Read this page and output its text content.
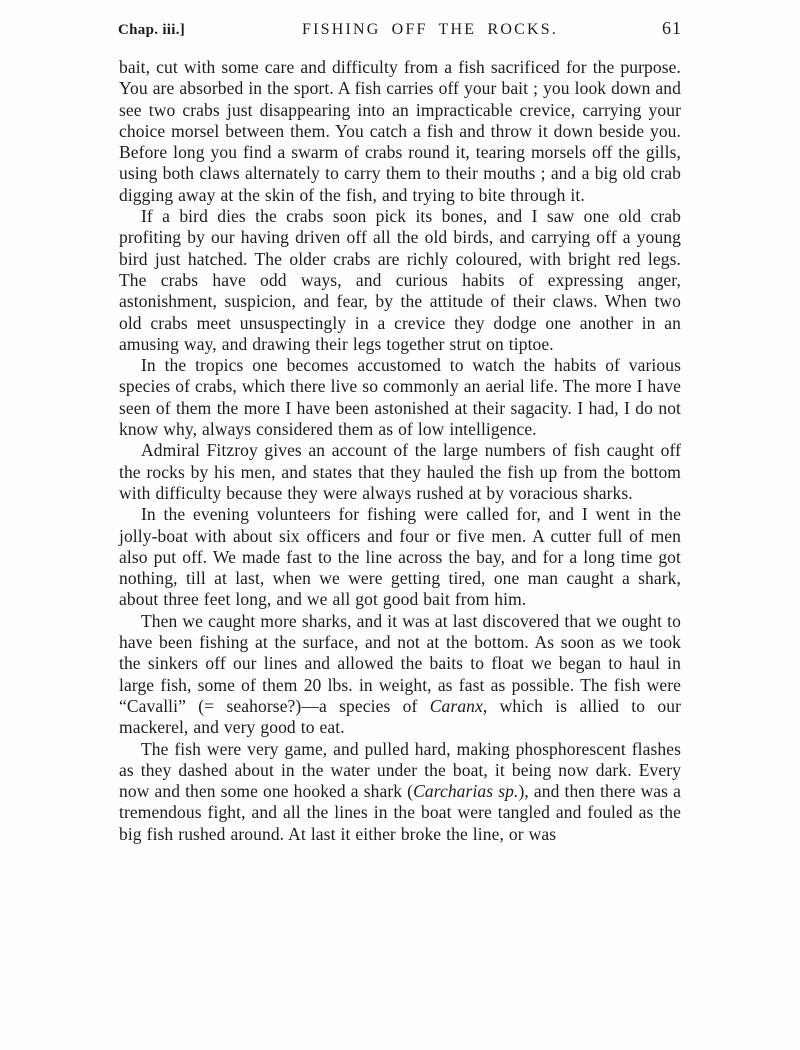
Chap. iii.]	FISHING OFF THE ROCKS.	61

bait, cut with some care and difficulty from a fish sacrificed for the purpose. You are absorbed in the sport. A fish carries off your bait ; you look down and see two crabs just disappearing into an impracticable crevice, carrying your choice morsel between them. You catch a fish and throw it down beside you. Before long you find a swarm of crabs round it, tearing morsels off the gills, using both claws alternately to carry them to their mouths ; and a big old crab digging away at the skin of the fish, and trying to bite through it.

If a bird dies the crabs soon pick its bones, and I saw one old crab profiting by our having driven off all the old birds, and carrying off a young bird just hatched. The older crabs are richly coloured, with bright red legs. The crabs have odd ways, and curious habits of expressing anger, astonishment, suspicion, and fear, by the attitude of their claws. When two old crabs meet unsuspectingly in a crevice they dodge one another in an amusing way, and drawing their legs together strut on tiptoe.

In the tropics one becomes accustomed to watch the habits of various species of crabs, which there live so commonly an aerial life. The more I have seen of them the more I have been astonished at their sagacity. I had, I do not know why, always considered them as of low intelligence.

Admiral Fitzroy gives an account of the large numbers of fish caught off the rocks by his men, and states that they hauled the fish up from the bottom with difficulty because they were always rushed at by voracious sharks.

In the evening volunteers for fishing were called for, and I went in the jolly-boat with about six officers and four or five men. A cutter full of men also put off. We made fast to the line across the bay, and for a long time got nothing, till at last, when we were getting tired, one man caught a shark, about three feet long, and we all got good bait from him.

Then we caught more sharks, and it was at last discovered that we ought to have been fishing at the surface, and not at the bottom. As soon as we took the sinkers off our lines and allowed the baits to float we began to haul in large fish, some of them 20 lbs. in weight, as fast as possible. The fish were “Cavalli” (= seahorse?)—a species of Caranx, which is allied to our mackerel, and very good to eat.

The fish were very game, and pulled hard, making phosphorescent flashes as they dashed about in the water under the boat, it being now dark. Every now and then some one hooked a shark (Carcharias sp.), and then there was a tremendous fight, and all the lines in the boat were tangled and fouled as the big fish rushed around. At last it either broke the line, or was
